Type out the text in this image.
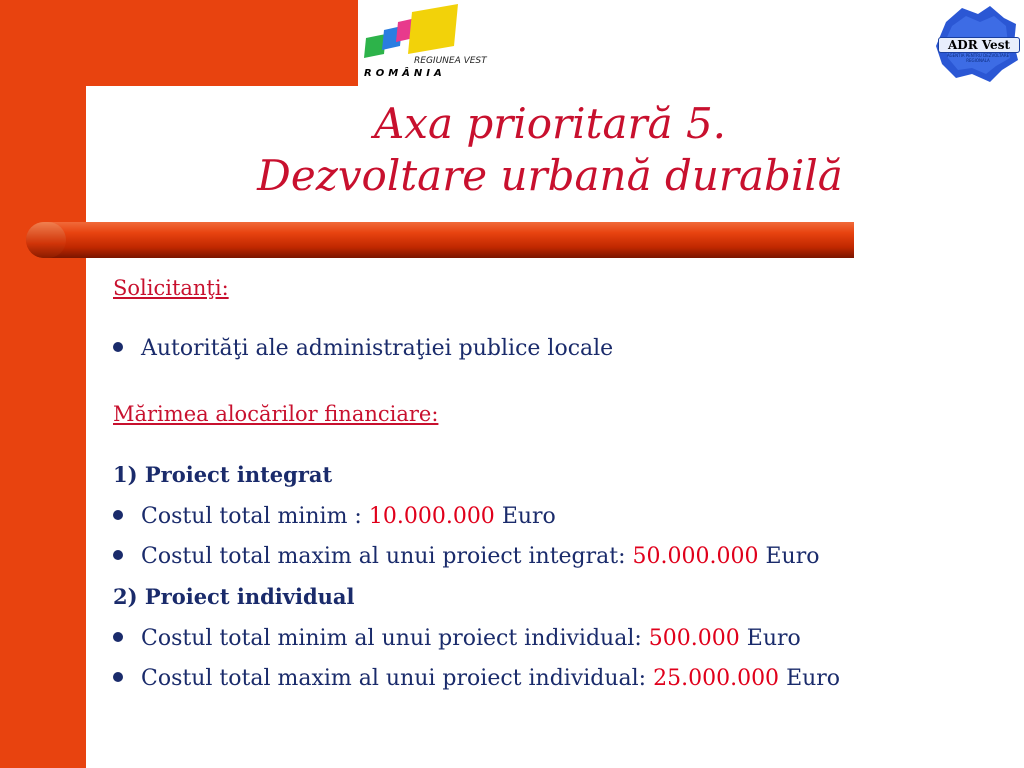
REGIUNEA VEST
ROMÂNIA
ADR Vest
AGENTIA PENTRU DEZVOLTARE REGIONALA
Axa prioritară 5.
Dezvoltare urbană durabilă
Solicitanţi:
Autorităţi ale administraţiei publice locale
Mărimea alocărilor financiare:
1) Proiect integrat
Costul total minim : 10.000.000 Euro
Costul total maxim al unui proiect integrat: 50.000.000 Euro
2) Proiect individual
Costul total minim al unui proiect individual: 500.000 Euro
Costul total maxim al unui proiect individual: 25.000.000 Euro
